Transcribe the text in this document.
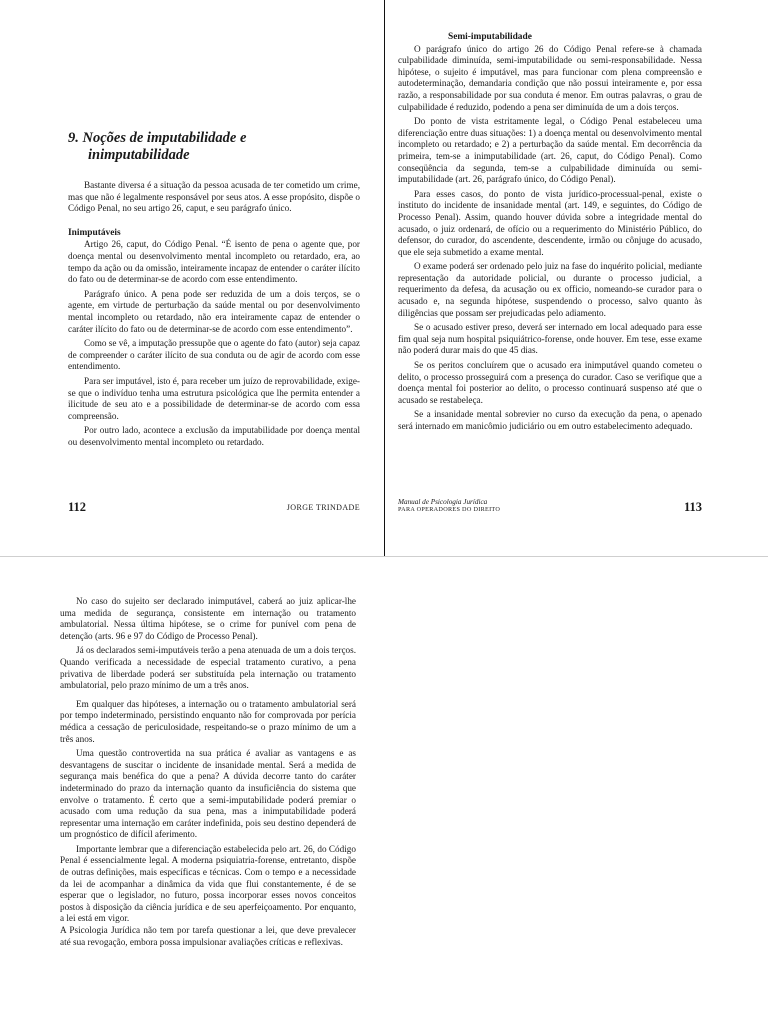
9. Noções de imputabilidade e
inimputabilidade

Bastante diversa é a situação da pessoa acusada de ter cometido um crime, mas que não é legalmente responsável por seus atos. A esse propósito, dispõe o Código Penal, no seu artigo 26, caput, e seu parágrafo único.

Inimputáveis

Artigo 26, caput, do Código Penal. “É isento de pena o agente que, por doença mental ou desenvolvimento mental incompleto ou retardado, era, ao tempo da ação ou da omissão, inteiramente incapaz de entender o caráter ilícito do fato ou de determinar-se de acordo com esse entendimento.

Parágrafo único. A pena pode ser reduzida de um a dois terços, se o agente, em virtude de perturbação da saúde mental ou por desenvolvimento mental incompleto ou retardado, não era inteiramente capaz de entender o caráter ilícito do fato ou de determinar-se de acordo com esse entendimento”.

Como se vê, a imputação pressupõe que o agente do fato (autor) seja capaz de compreender o caráter ilícito de sua conduta ou de agir de acordo com esse entendimento.

Para ser imputável, isto é, para receber um juízo de reprovabilidade, exige-se que o indivíduo tenha uma estrutura psicológica que lhe permita entender a ilicitude de seu ato e a possibilidade de determinar-se de acordo com essa compreensão.

Por outro lado, acontece a exclusão da imputabilidade por doença mental ou desenvolvimento mental incompleto ou retardado.

112	JORGE TRINDADE
Semi-imputabilidade

O parágrafo único do artigo 26 do Código Penal refere-se à chamada culpabilidade diminuída, semi-imputabilidade ou semi-responsabilidade. Nessa hipótese, o sujeito é imputável, mas para funcionar com plena compreensão e autodeterminação, demandaria condição que não possui inteiramente e, por essa razão, a responsabilidade por sua conduta é menor. Em outras palavras, o grau de culpabilidade é reduzido, podendo a pena ser diminuída de um a dois terços.

Do ponto de vista estritamente legal, o Código Penal estabeleceu uma diferenciação entre duas situações: 1) a doença mental ou desenvolvimento mental incompleto ou retardado; e 2) a perturbação da saúde mental. Em decorrência da primeira, tem-se a inimputabilidade (art. 26, caput, do Código Penal). Como conseqüência da segunda, tem-se a culpabilidade diminuída ou semi-imputabilidade (art. 26, parágrafo único, do Código Penal).

Para esses casos, do ponto de vista jurídico-processual-penal, existe o instituto do incidente de insanidade mental (art. 149, e seguintes, do Código de Processo Penal). Assim, quando houver dúvida sobre a integridade mental do acusado, o juiz ordenará, de ofício ou a requerimento do Ministério Público, do defensor, do curador, do ascendente, descendente, irmão ou cônjuge do acusado, que ele seja submetido a exame mental.

O exame poderá ser ordenado pelo juiz na fase do inquérito policial, mediante representação da autoridade policial, ou durante o processo judicial, a requerimento da defesa, da acusação ou ex officio, nomeando-se curador para o acusado e, na segunda hipótese, suspendendo o processo, salvo quanto às diligências que possam ser prejudicadas pelo adiamento.

Se o acusado estiver preso, deverá ser internado em local adequado para esse fim qual seja num hospital psiquiátrico-forense, onde houver. Em tese, esse exame não poderá durar mais do que 45 dias.

Se os peritos concluírem que o acusado era inimputável quando cometeu o delito, o processo prosseguirá com a presença do curador. Caso se verifique que a doença mental foi posterior ao delito, o processo continuará suspenso até que o acusado se restabeleça.

Se a insanidade mental sobrevier no curso da execução da pena, o apenado será internado em manicômio judiciário ou em outro estabelecimento adequado.

Manual de Psicologia Jurídica
PARA OPERADORES DO DIREITO	113

No caso do sujeito ser declarado inimputável, caberá ao juiz aplicar-lhe uma medida de segurança, consistente em internação ou tratamento ambulatorial. Nessa última hipótese, se o crime for punível com pena de detenção (arts. 96 e 97 do Código de Processo Penal).

Já os declarados semi-imputáveis terão a pena atenuada de um a dois terços. Quando verificada a necessidade de especial tratamento curativo, a pena privativa de liberdade poderá ser substituída pela internação ou tratamento ambulatorial, pelo prazo mínimo de um a três anos.

Em qualquer das hipóteses, a internação ou o tratamento ambulatorial será por tempo indeterminado, persistindo enquanto não for comprovada por perícia médica a cessação de periculosidade, respeitando-se o prazo mínimo de um a três anos.

Uma questão controvertida na sua prática é avaliar as vantagens e as desvantagens de suscitar o incidente de insanidade mental. Será a medida de segurança mais benéfica do que a pena? A dúvida decorre tanto do caráter indeterminado do prazo da internação quanto da insuficiência do sistema que envolve o tratamento. É certo que a semi-imputabilidade poderá premiar o acusado com uma redução da sua pena, mas a inimputabilidade poderá representar uma internação em caráter indefinida, pois seu destino dependerá de um prognóstico de difícil aferimento.

Importante lembrar que a diferenciação estabelecida pelo art. 26, do Código Penal é essencialmente legal. A moderna psiquiatria-forense, entretanto, dispõe de outras definições, mais específicas e técnicas. Com o tempo e a necessidade da lei de acompanhar a dinâmica da vida que flui constantemente, é de se esperar que o legislador, no futuro, possa incorporar esses novos conceitos postos à disposição da ciência jurídica e de seu aperfeiçoamento. Por enquanto, a lei está em vigor.

A Psicologia Jurídica não tem por tarefa questionar a lei, que deve prevalecer até sua revogação, embora possa impulsionar avaliações críticas e reflexivas.
